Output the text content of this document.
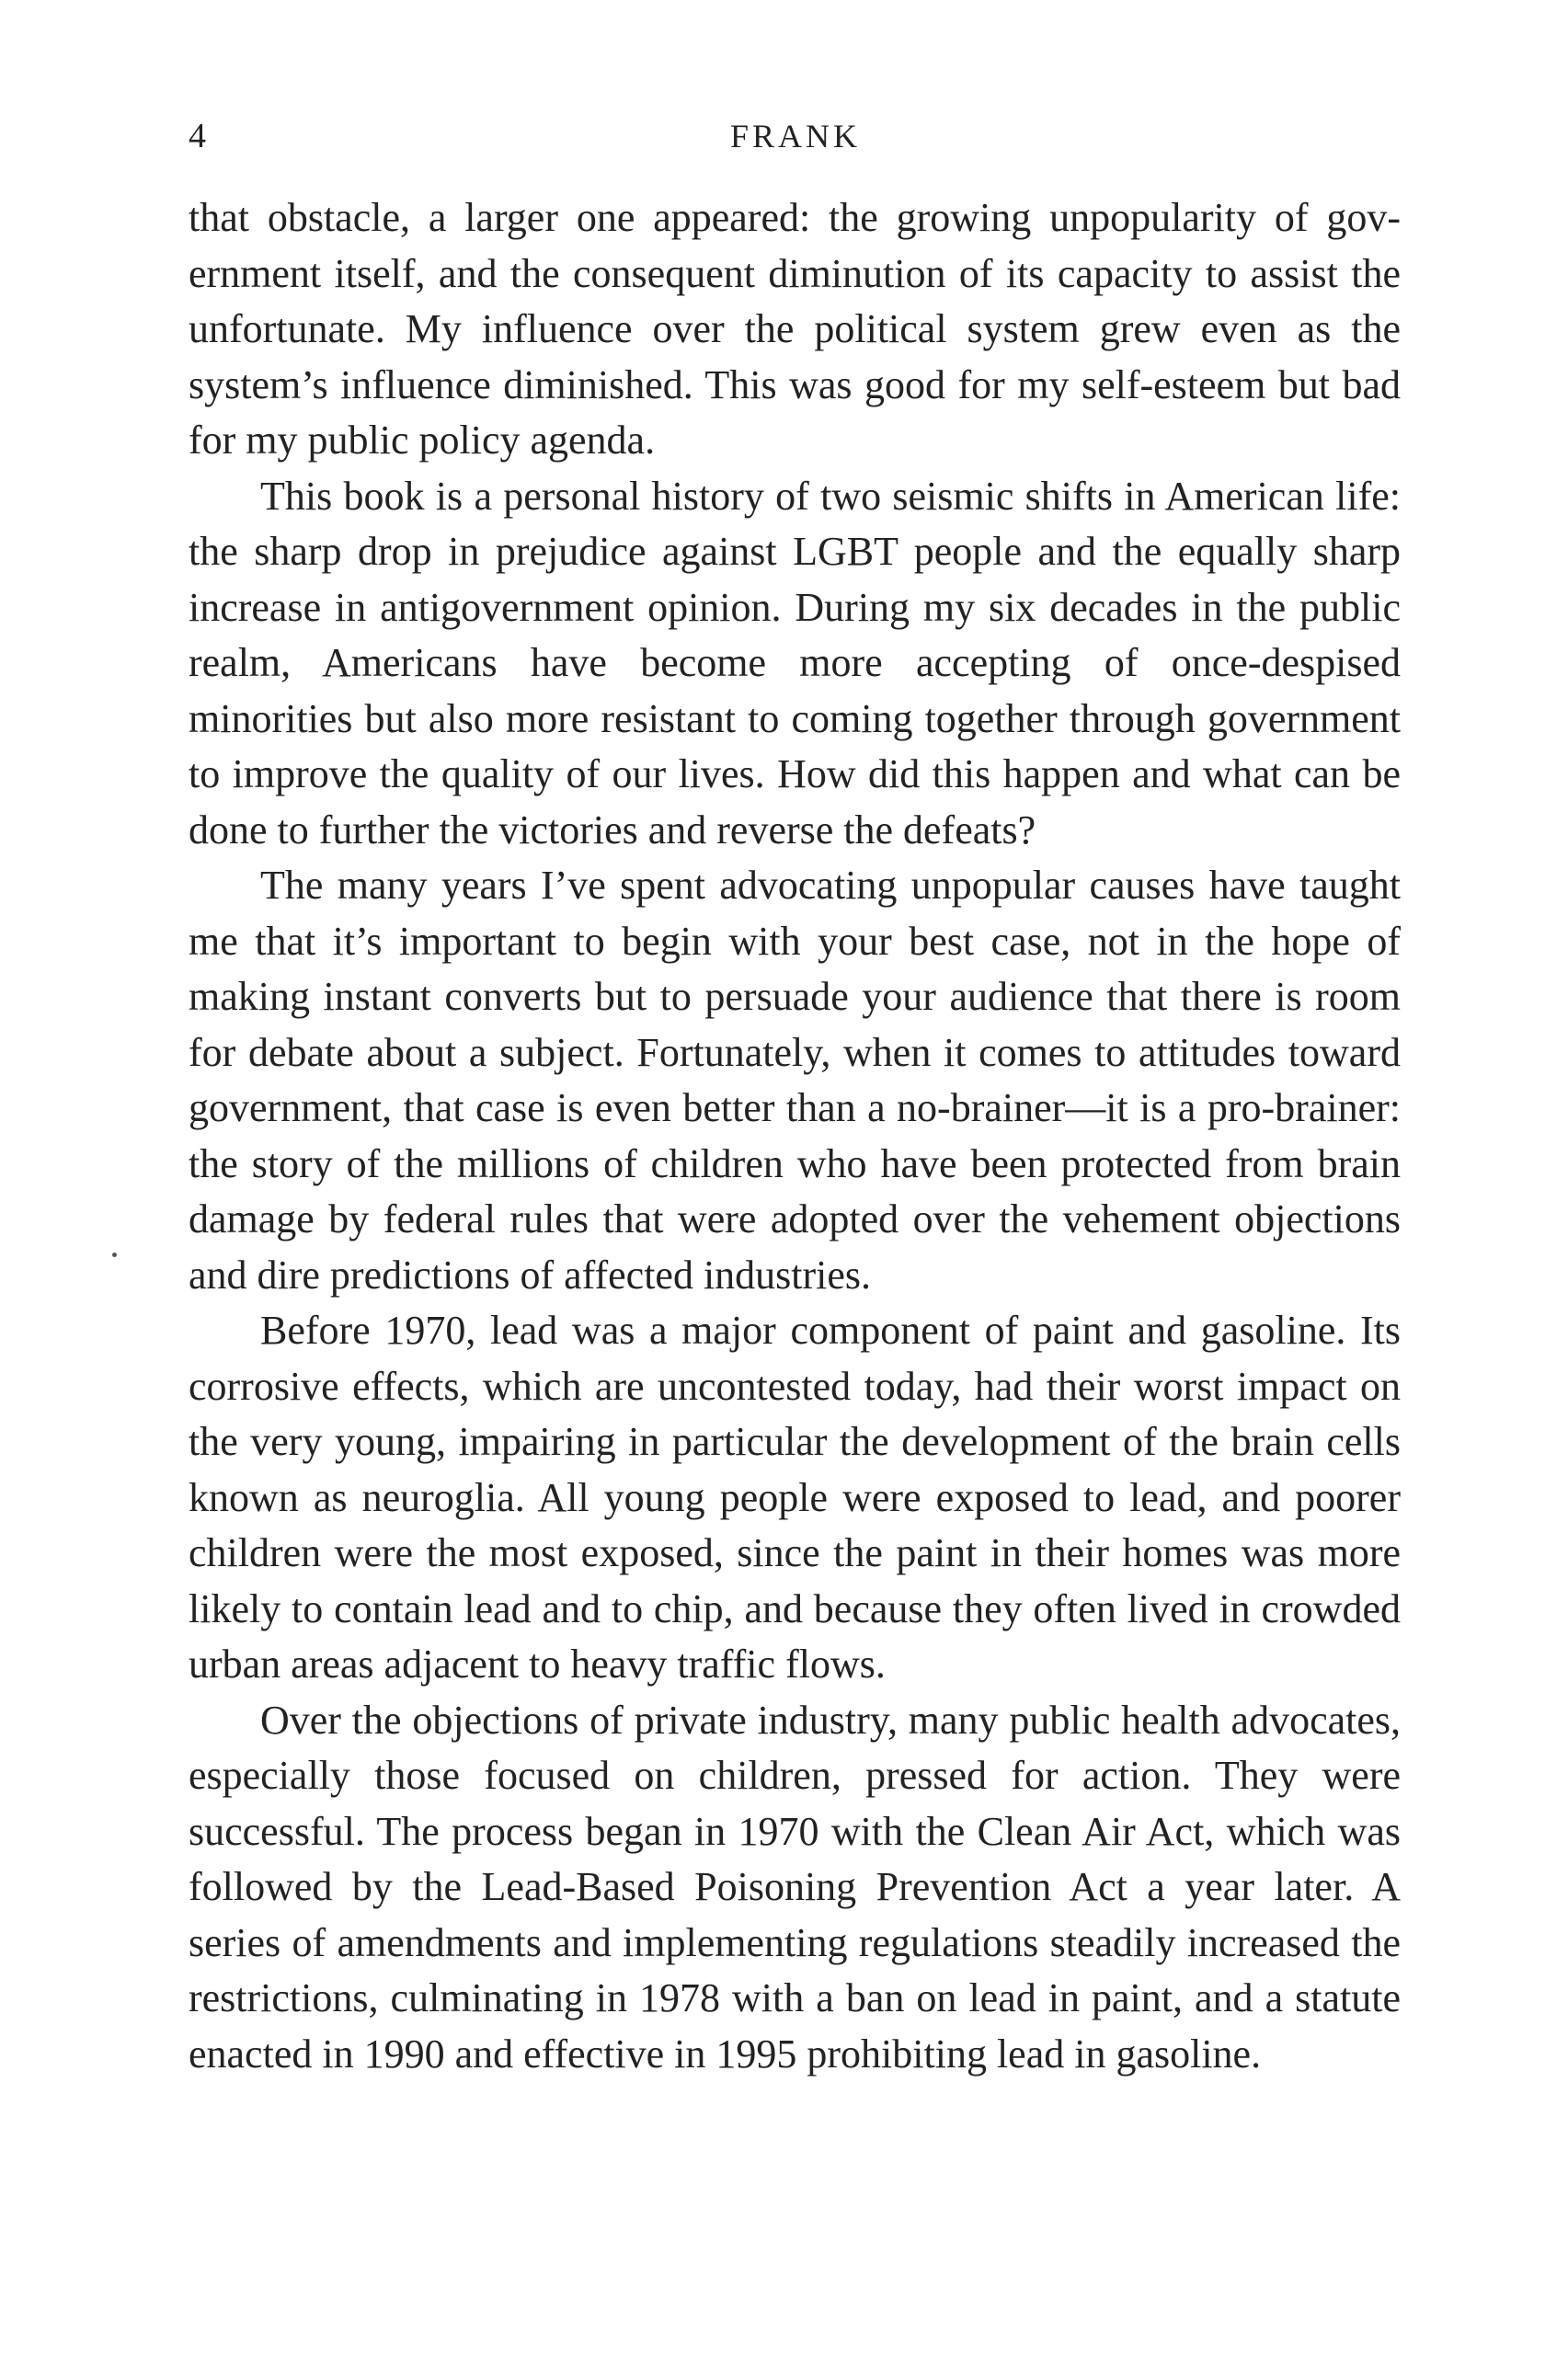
4	FRANK

that obstacle, a larger one appeared: the growing unpopularity of government itself, and the consequent diminution of its capacity to assist the unfortunate. My influence over the political system grew even as the system’s influence diminished. This was good for my self-esteem but bad for my public policy agenda.

This book is a personal history of two seismic shifts in American life: the sharp drop in prejudice against LGBT people and the equally sharp increase in antigovernment opinion. During my six decades in the public realm, Americans have become more accepting of once-despised minorities but also more resistant to coming together through government to improve the quality of our lives. How did this happen and what can be done to further the victories and reverse the defeats?

The many years I’ve spent advocating unpopular causes have taught me that it’s important to begin with your best case, not in the hope of making instant converts but to persuade your audience that there is room for debate about a subject. Fortunately, when it comes to attitudes toward government, that case is even better than a no-brainer—it is a pro-brainer: the story of the millions of children who have been protected from brain damage by federal rules that were adopted over the vehement objections and dire predictions of affected industries.

Before 1970, lead was a major component of paint and gasoline. Its corrosive effects, which are uncontested today, had their worst impact on the very young, impairing in particular the development of the brain cells known as neuroglia. All young people were exposed to lead, and poorer children were the most exposed, since the paint in their homes was more likely to contain lead and to chip, and because they often lived in crowded urban areas adjacent to heavy traffic flows.

Over the objections of private industry, many public health advocates, especially those focused on children, pressed for action. They were successful. The process began in 1970 with the Clean Air Act, which was followed by the Lead-Based Poisoning Prevention Act a year later. A series of amendments and implementing regulations steadily increased the restrictions, culminating in 1978 with a ban on lead in paint, and a statute enacted in 1990 and effective in 1995 prohibiting lead in gasoline.
